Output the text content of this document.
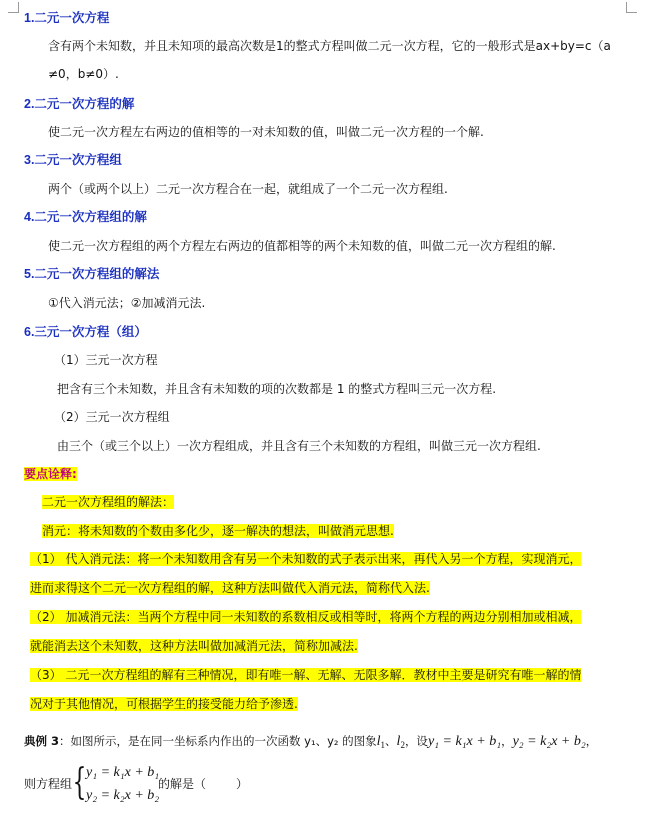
1.二元一次方程
含有两个未知数，并且未知项的最高次数是1的整式方程叫做二元一次方程，它的一般形式是ax+by=c（a
≠0，b≠0）.
2.二元一次方程的解
使二元一次方程左右两边的值相等的一对未知数的值，叫做二元一次方程的一个解.
3.二元一次方程组
两个（或两个以上）二元一次方程合在一起，就组成了一个二元一次方程组.
4.二元一次方程组的解
使二元一次方程组的两个方程左右两边的值都相等的两个未知数的值，叫做二元一次方程组的解.
5.二元一次方程组的解法
①代入消元法；②加减消元法.
6.三元一次方程（组）
（1）三元一次方程
把含有三个未知数，并且含有未知数的项的次数都是 1 的整式方程叫三元一次方程.
（2）三元一次方程组
由三个（或三个以上）一次方程组成，并且含有三个未知数的方程组，叫做三元一次方程组.
要点诠释:
二元一次方程组的解法：
消元：将未知数的个数由多化少，逐一解决的想法，叫做消元思想.
（1） 代入消元法：将一个未知数用含有另一个未知数的式子表示出来，再代入另一个方程，实现消元，
进而求得这个二元一次方程组的解，这种方法叫做代入消元法，简称代入法.
（2） 加减消元法：当两个方程中同一未知数的系数相反或相等时，将两个方程的两边分别相加或相减，
就能消去这个未知数，这种方法叫做加减消元法，简称加减法.
（3） 二元一次方程组的解有三种情况，即有唯一解、无解、无限多解．教材中主要是研究有唯一解的情
况对于其他情况，可根据学生的接受能力给予渗透.
典例 3：如图所示，是在同一坐标系内作出的一次函数 y₁、y₂ 的图象$l_1$、$l_2$，设y₁ = k₁x + b₁，y₂ = k₂x + b₂，
则方程组 { y₁ = k₁x + b₁
y₂ = k₂x + b₂
的解是（	）
